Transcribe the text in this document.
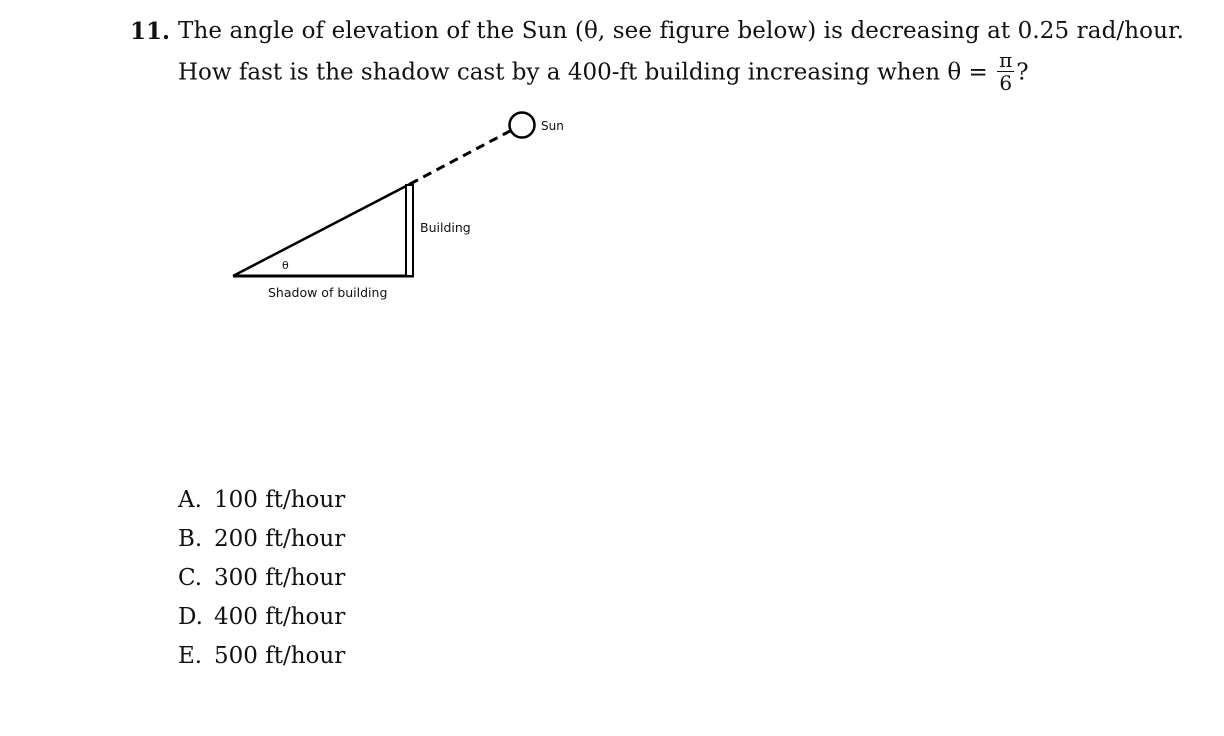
11. The angle of elevation of the Sun (θ, see figure below) is decreasing at 0.25 rad/hour.
How fast is the shadow cast by a 400-ft building increasing when $\theta = \frac{\pi}{6}$ ?
Sun
Building
θ
Shadow of building
A. 100 ft/hour
B. 200 ft/hour
C. 300 ft/hour
D. 400 ft/hour
E. 500 ft/hour
